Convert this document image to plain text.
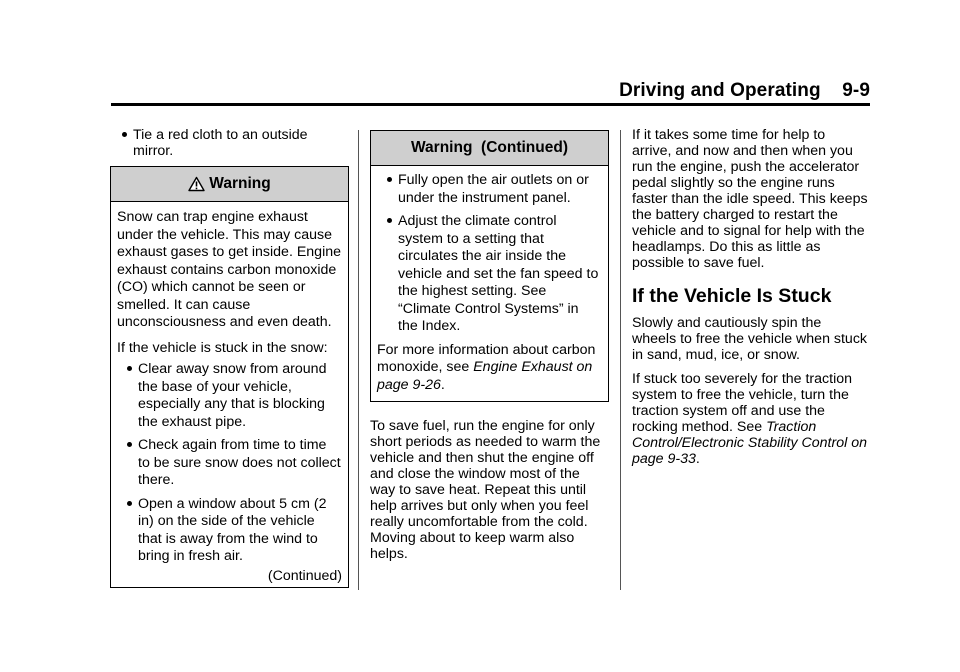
Driving and Operating    9-9

Tie a red cloth to an outside mirror.

Warning

Snow can trap engine exhaust under the vehicle. This may cause exhaust gases to get inside. Engine exhaust contains carbon monoxide (CO) which cannot be seen or smelled. It can cause unconsciousness and even death.

If the vehicle is stuck in the snow:

Clear away snow from around the base of your vehicle, especially any that is blocking the exhaust pipe.

Check again from time to time to be sure snow does not collect there.

Open a window about 5 cm (2 in) on the side of the vehicle that is away from the wind to bring in fresh air.

(Continued)

Warning  (Continued)

Fully open the air outlets on or under the instrument panel.

Adjust the climate control system to a setting that circulates the air inside the vehicle and set the fan speed to the highest setting. See “Climate Control Systems” in the Index.

For more information about carbon monoxide, see Engine Exhaust on page 9-26.

To save fuel, run the engine for only short periods as needed to warm the vehicle and then shut the engine off and close the window most of the way to save heat. Repeat this until help arrives but only when you feel really uncomfortable from the cold. Moving about to keep warm also helps.

If it takes some time for help to arrive, and now and then when you run the engine, push the accelerator pedal slightly so the engine runs faster than the idle speed. This keeps the battery charged to restart the vehicle and to signal for help with the headlamps. Do this as little as possible to save fuel.

If the Vehicle Is Stuck

Slowly and cautiously spin the wheels to free the vehicle when stuck in sand, mud, ice, or snow.

If stuck too severely for the traction system to free the vehicle, turn the traction system off and use the rocking method. See Traction Control/Electronic Stability Control on page 9-33.
